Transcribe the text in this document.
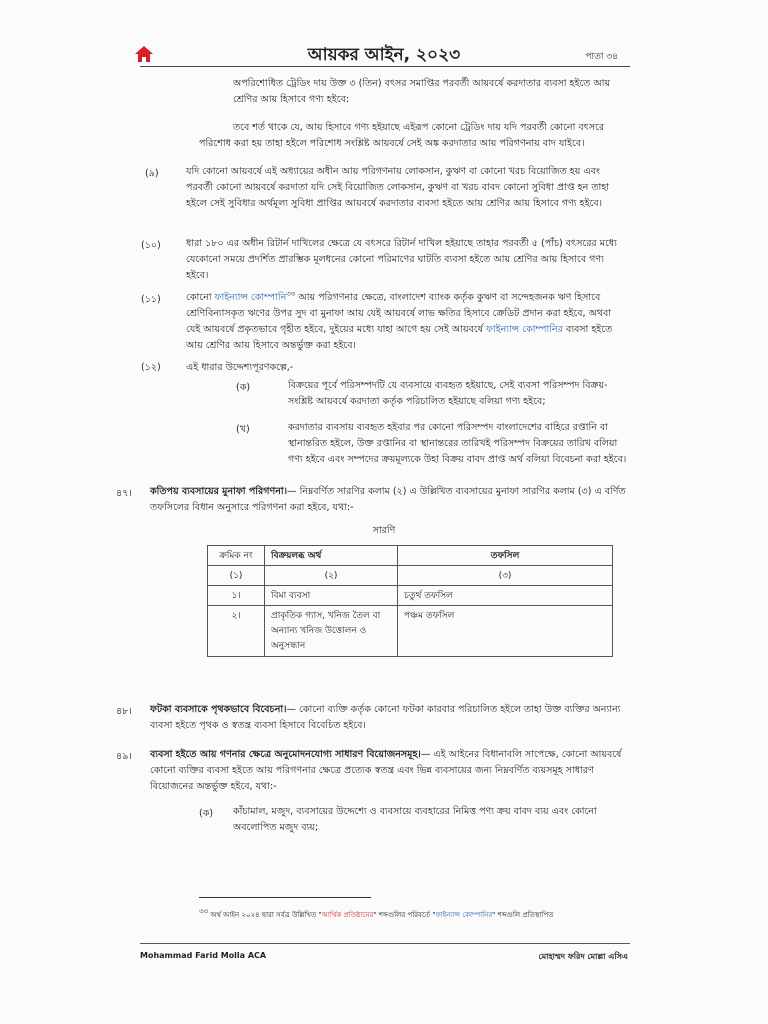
আয়কর আইন, ২০২৩	পাতা ৩৪
অপরিশোধিত ট্রেডিং দায় উক্ত ৩ (তিন) বৎসর সমাপ্তির পরবর্তী আয়বর্ষে করদাতার ব্যবসা হইতে আয় শ্রেণির আয় হিসাবে গণ্য হইবে:
তবে শর্ত থাকে যে, আয় হিসাবে গণ্য হইয়াছে এইরূপ কোনো ট্রেডিং দায় যদি পরবর্তী কোনো বৎসরে পরিশোধ করা হয় তাহা হইলে পরিশোধ সংশ্লিষ্ট আয়বর্ষে সেই অঙ্ক করদাতার আয় পরিগণনায় বাদ যাইবে।
(৯)	যদি কোনো আয়বর্ষে এই অধ্যায়ের অধীন আয় পরিগণনায় লোকসান, কুঋণ বা কোনো খরচ বিয়োজিত হয় এবং পরবর্তী কোনো আয়বর্ষে করদাতা যদি সেই বিয়োজিত লোকসান, কুঋণ বা খরচ বাবদ কোনো সুবিধা প্রাপ্ত হন তাহা হইলে সেই সুবিধার অর্থমূল্য সুবিধা প্রাপ্তির আয়বর্ষে করদাতার ব্যবসা হইতে আয় শ্রেণির আয় হিসাবে গণ্য হইবে।
(১০)	ধারা ১৮০ এর অধীন রিটার্ন দাখিলের ক্ষেত্রে যে বৎসরে রিটার্ন দাখিল হইয়াছে তাহার পরবর্তী ৫ (পাঁচ) বৎসরের মধ্যে যেকোনো সময়ে প্রদর্শিত প্রারম্ভিক মূলধনের কোনো পরিমাণের ঘাটতি ব্যবসা হইতে আয় শ্রেণির আয় হিসাবে গণ্য হইবে।
(১১)	কোনো ফাইন্যান্স কোম্পানি$^{৩৩}$ আয় পরিগণনার ক্ষেত্রে, বাংলাদেশ ব্যাংক কর্তৃক কুঋণ বা সন্দেহজনক ঋণ হিসাবে শ্রেণিবিন্যাসকৃত ঋণের উপর সুদ বা মুনাফা আয় যেই আয়বর্ষে লাভ ক্ষতির হিসাবে ক্রেডিট প্রদান করা হইবে, অথবা যেই আয়বর্ষে প্রকৃতভাবে গৃহীত হইবে, দুইয়ের মধ্যে যাহা আগে হয় সেই আয়বর্ষে ফাইন্যান্স কোম্পানির ব্যবসা হইতে আয় শ্রেণির আয় হিসাবে অন্তর্ভুক্ত করা হইবে।
(১২)	এই ধারার উদ্দেশ্যপূরণকল্পে,-
(ক)	বিক্রয়ের পূর্বে পরিসম্পদটি যে ব্যবসায়ে ব্যবহৃত হইয়াছে, সেই ব্যবসা পরিসম্পদ বিক্রয়-সংশ্লিষ্ট আয়বর্ষে করদাতা কর্তৃক পরিচালিত হইয়াছে বলিয়া গণ্য হইবে;
(খ)	করদাতার ব্যবসায় ব্যবহৃত হইবার পর কোনো পরিসম্পদ বাংলাদেশের বাহিরে রপ্তানি বা স্থানান্তরিত হইলে, উক্ত রপ্তানির বা স্থানান্তরের তারিখই পরিসম্পদ বিক্রয়ের তারিখ বলিয়া গণ্য হইবে এবং সম্পদের ক্রয়মূল্যকে উহা বিক্রয় বাবদ প্রাপ্ত অর্থ বলিয়া বিবেচনা করা হইবে।
৪৭। কতিপয় ব্যবসায়ের মুনাফা পরিগণনা।— নিম্নবর্ণিত সারণির কলাম (২) এ উল্লিখিত ব্যবসায়ের মুনাফা সারণির কলাম (৩) এ বর্ণিত তফসিলের বিধান অনুসারে পরিগণনা করা হইবে, যথা:-
সারণি
ক্রমিক নং	বিক্রয়লব্ধ অর্থ	তফসিল
(১)	(২)	(৩)
১।	বিমা ব্যবসা	চতুর্থ তফসিল
২।	প্রাকৃতিক গ্যাস, খনিজ তৈল বা অন্যান্য খনিজ উত্তোলন ও অনুসন্ধান	পঞ্চম তফসিল
৪৮। ফটকা ব্যবসাকে পৃথকভাবে বিবেচনা।— কোনো ব্যক্তি কর্তৃক কোনো ফটকা কারবার পরিচালিত হইলে তাহা উক্ত ব্যক্তির অন্যান্য ব্যবসা হইতে পৃথক ও স্বতন্ত্র ব্যবসা হিসাবে বিবেচিত হইবে।
৪৯। ব্যবসা হইতে আয় গণনার ক্ষেত্রে অনুমোদনযোগ্য সাধারণ বিয়োজনসমূহ।— এই আইনের বিধানাবলি সাপেক্ষে, কোনো আয়বর্ষে কোনো ব্যক্তির ব্যবসা হইতে আয় পরিগণনার ক্ষেত্রে প্রত্যেক স্বতন্ত্র এবং ভিন্ন ব্যবসায়ের জন্য নিম্নবর্ণিত ব্যয়সমূহ সাধারণ বিয়োজনের অন্তর্ভুক্ত হইবে, যথা:-
(ক) কাঁচামাল, মজুদ, ব্যবসায়ের উদ্দেশ্যে ও ব্যবসায়ে ব্যবহারের নিমিত্ত পণ্য ক্রয় বাবদ ব্যয় এবং কোনো অবলোপিত মজুদ ব্যয়;
৩৩ অর্থ আইন ২০২৪ দ্বারা সর্বত্র উল্লিখিত "আর্থিক প্রতিষ্ঠানের" শব্দগুলির পরিবর্তে "ফাইন্যান্স কোম্পানির" শব্দগুলি প্রতিস্থাপিত
Mohammad Farid Molla ACA	মোহাম্মদ ফরিদ মোল্লা এসিএ
